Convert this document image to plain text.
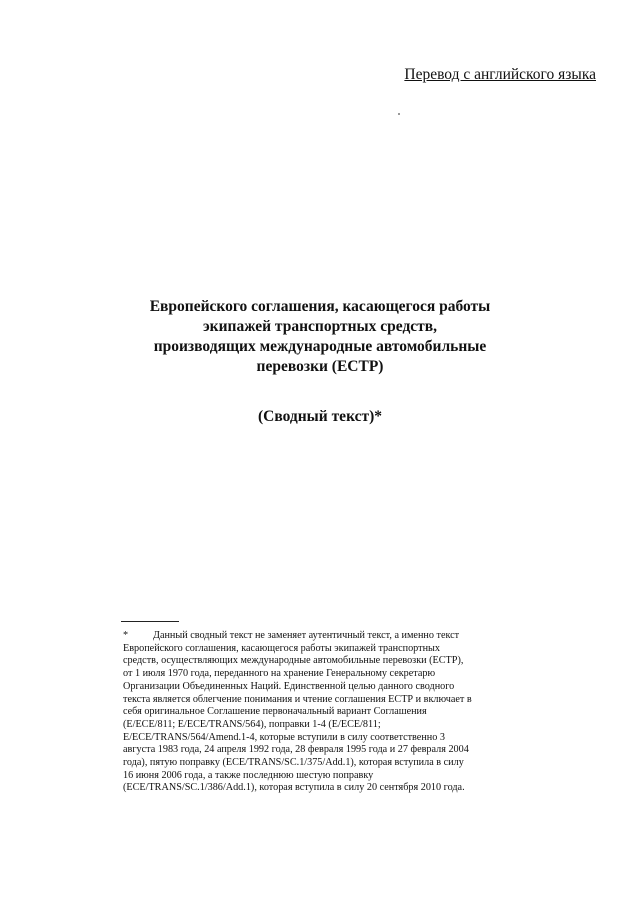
Перевод с английского языка
Европейского соглашения, касающегося работы
экипажей транспортных средств,
производящих международные автомобильные
перевозки (ЕСТР)
(Сводный текст)*
* Данный сводный текст не заменяет аутентичный текст, а именно текст
Европейского соглашения, касающегося работы экипажей транспортных
средств, осуществляющих международные автомобильные перевозки (ЕСТР),
от 1 июля 1970 года, переданного на хранение Генеральному секретарю
Организации Объединенных Наций. Единственной целью данного сводного
текста является облегчение понимания и чтение соглашения ЕСТР и включает в
себя оригинальное Соглашение первоначальный вариант Соглашения
(E/ECE/811; E/ECE/TRANS/564), поправки 1-4 (E/ECE/811;
E/ECE/TRANS/564/Amend.1-4, которые вступили в силу соответственно 3
августа 1983 года, 24 апреля 1992 года, 28 февраля 1995 года и 27 февраля 2004
года), пятую поправку (ECE/TRANS/SC.1/375/Add.1), которая вступила в силу
16 июня 2006 года, а также последнюю шестую поправку
(ECE/TRANS/SC.1/386/Add.1), которая вступила в силу 20 сентября 2010 года.
